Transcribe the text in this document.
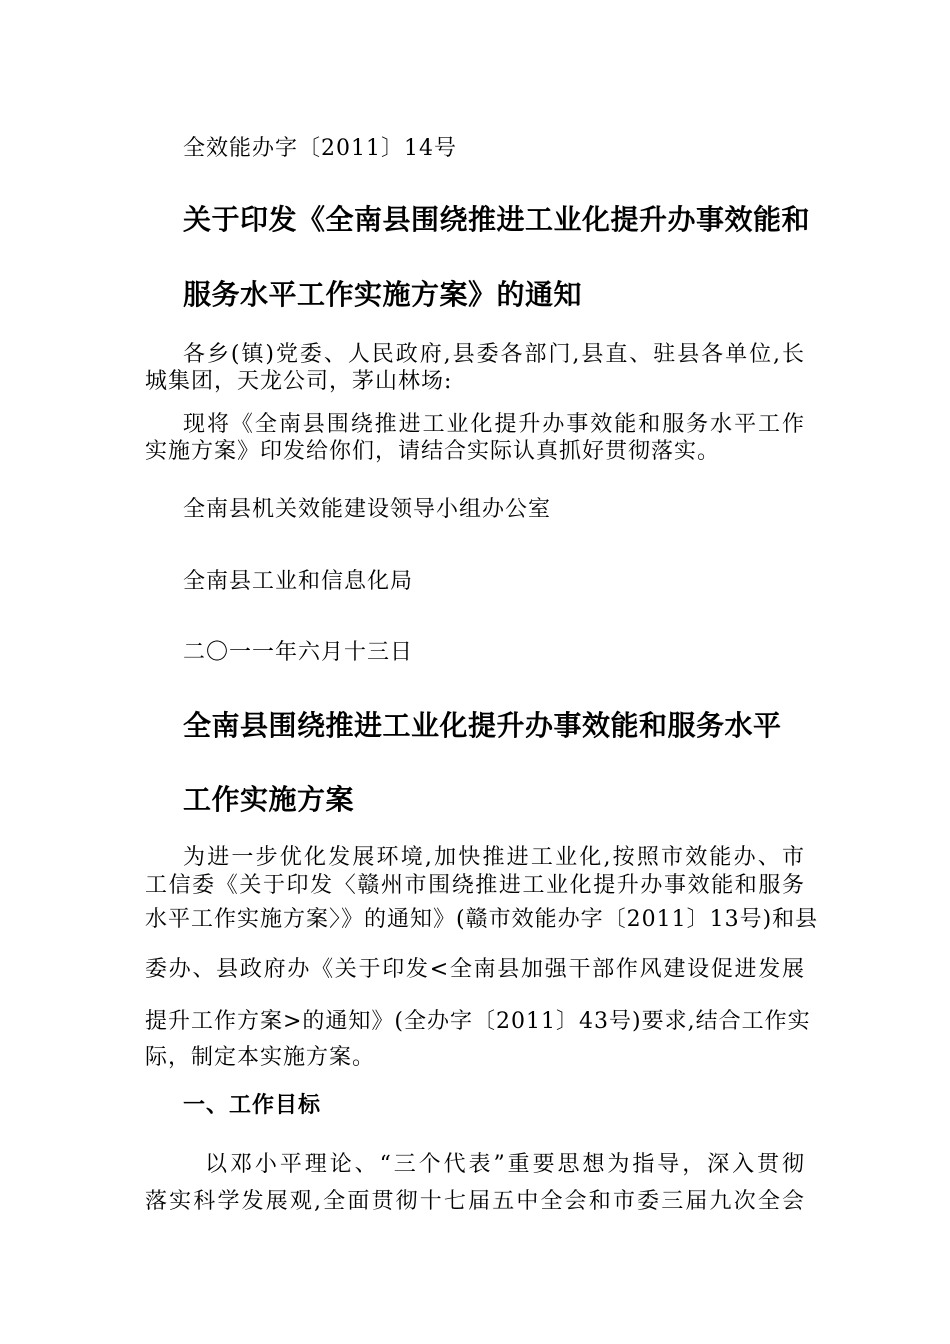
全效能办字〔2011〕14号
关于印发《全南县围绕推进工业化提升办事效能和
服务水平工作实施方案》的通知
各乡(镇)党委、人民政府,县委各部门,县直、驻县各单位,长
城集团，天龙公司，茅山林场:
现将《全南县围绕推进工业化提升办事效能和服务水平工作
实施方案》印发给你们，请结合实际认真抓好贯彻落实。
全南县机关效能建设领导小组办公室
全南县工业和信息化局
二〇一一年六月十三日
全南县围绕推进工业化提升办事效能和服务水平
工作实施方案
为进一步优化发展环境,加快推进工业化,按照市效能办、市
工信委《关于印发〈赣州市围绕推进工业化提升办事效能和服务
水平工作实施方案〉》的通知》(赣市效能办字〔2011〕13号)和县
委办、县政府办《关于印发<全南县加强干部作风建设促进发展
提升工作方案>的通知》(全办字〔2011〕43号)要求,结合工作实
际，制定本实施方案。
一、工作目标
以邓小平理论、“三个代表”重要思想为指导，深入贯彻
落实科学发展观,全面贯彻十七届五中全会和市委三届九次全会
